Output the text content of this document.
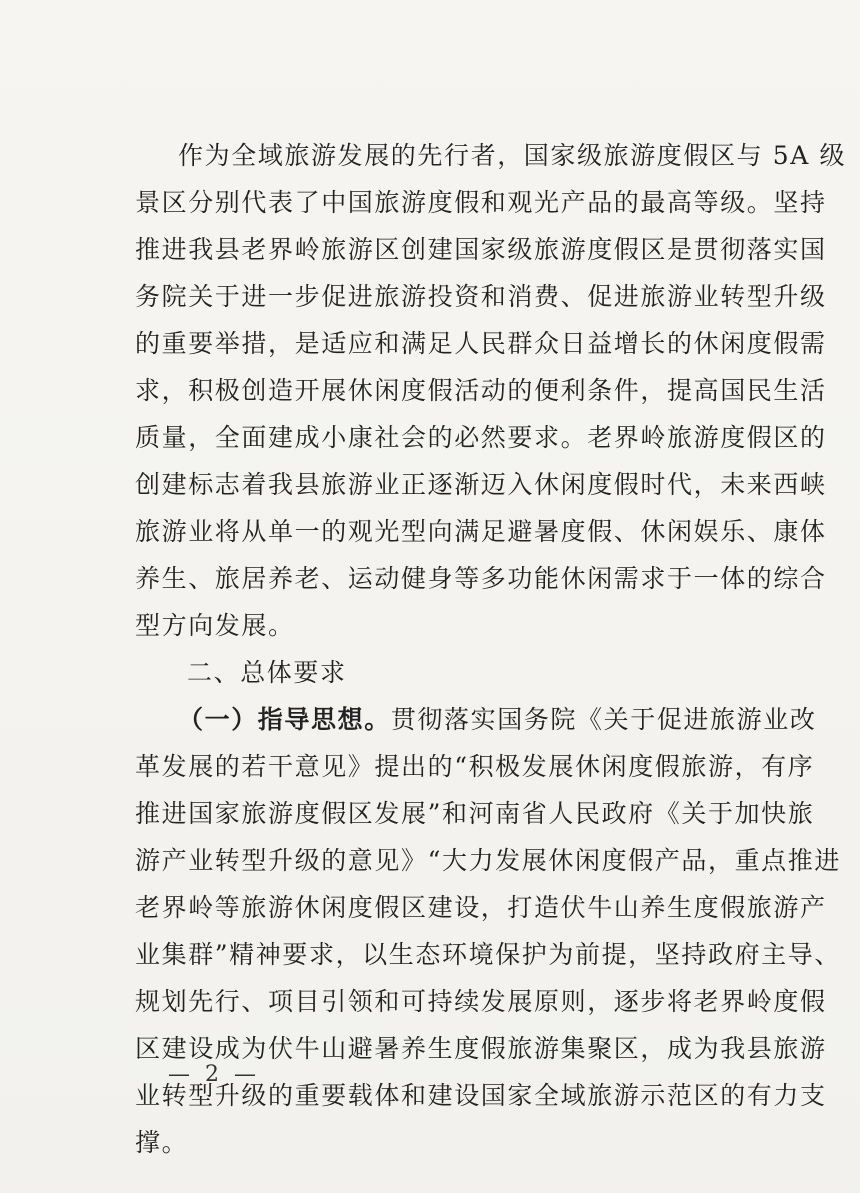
作为全域旅游发展的先行者，国家级旅游度假区与 5A 级
景区分别代表了中国旅游度假和观光产品的最高等级。坚持
推进我县老界岭旅游区创建国家级旅游度假区是贯彻落实国
务院关于进一步促进旅游投资和消费、促进旅游业转型升级
的重要举措，是适应和满足人民群众日益增长的休闲度假需
求，积极创造开展休闲度假活动的便利条件，提高国民生活
质量，全面建成小康社会的必然要求。老界岭旅游度假区的
创建标志着我县旅游业正逐渐迈入休闲度假时代，未来西峡
旅游业将从单一的观光型向满足避暑度假、休闲娱乐、康体
养生、旅居养老、运动健身等多功能休闲需求于一体的综合
型方向发展。
二、总体要求
（一）指导思想。贯彻落实国务院《关于促进旅游业改
革发展的若干意见》提出的“积极发展休闲度假旅游，有序
推进国家旅游度假区发展”和河南省人民政府《关于加快旅
游产业转型升级的意见》“大力发展休闲度假产品，重点推进
老界岭等旅游休闲度假区建设，打造伏牛山养生度假旅游产
业集群”精神要求，以生态环境保护为前提，坚持政府主导、
规划先行、项目引领和可持续发展原则，逐步将老界岭度假
区建设成为伏牛山避暑养生度假旅游集聚区，成为我县旅游
业转型升级的重要载体和建设国家全域旅游示范区的有力支
撑。
— 2 —
